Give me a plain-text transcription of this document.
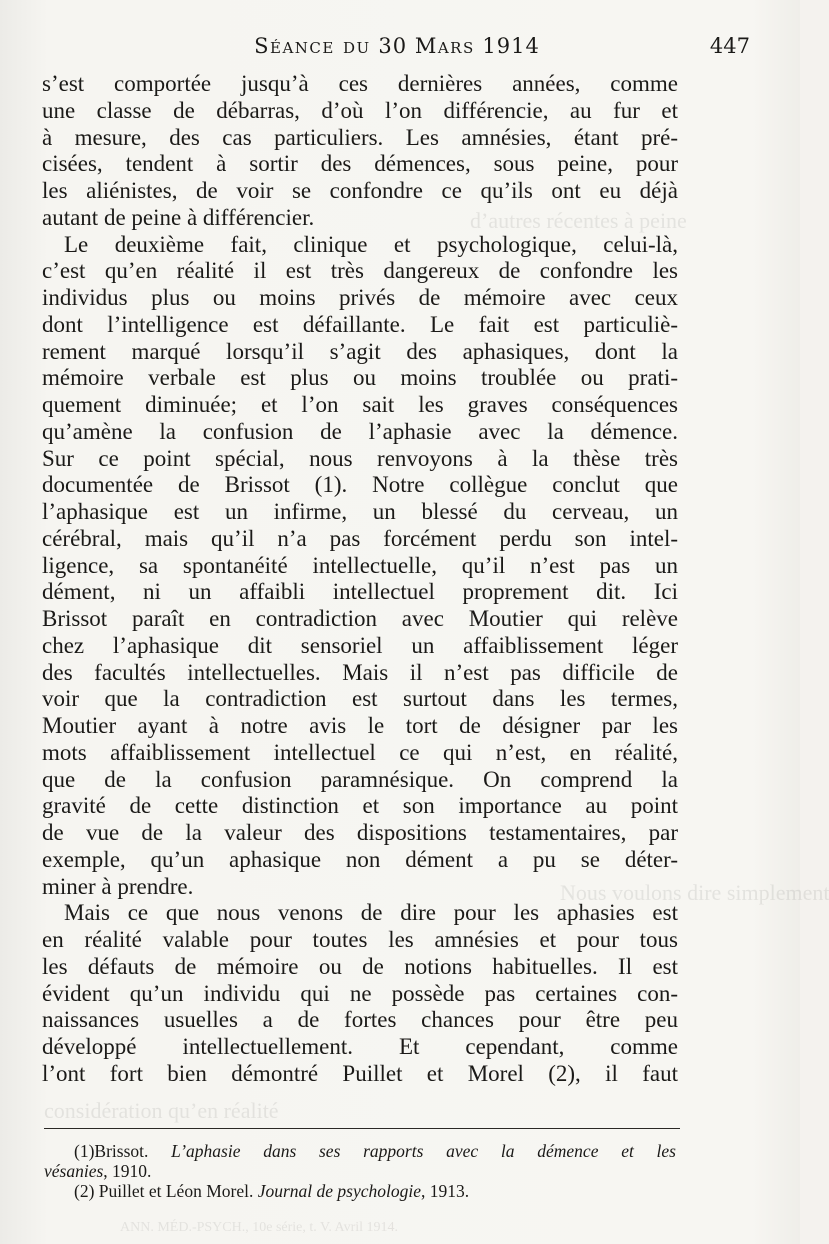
d’autres récentes à peine
Nous voulons dire simplement
considération qu’en réalité
ANN. MÉD.-PSYCH., 10e série, t. V. Avril 1914.
Séance du 30 Mars 1914	447
s’est comportée jusqu’à ces dernières années, comme
une classe de débarras, d’où l’on différencie, au fur et
à mesure, des cas particuliers. Les amnésies, étant pré-
cisées, tendent à sortir des démences, sous peine, pour
les aliénistes, de voir se confondre ce qu’ils ont eu déjà
autant de peine à différencier.
Le deuxième fait, clinique et psychologique, celui-là,
c’est qu’en réalité il est très dangereux de confondre les
individus plus ou moins privés de mémoire avec ceux
dont l’intelligence est défaillante. Le fait est particuliè-
rement marqué lorsqu’il s’agit des aphasiques, dont la
mémoire verbale est plus ou moins troublée ou prati-
quement diminuée; et l’on sait les graves conséquences
qu’amène la confusion de l’aphasie avec la démence.
Sur ce point spécial, nous renvoyons à la thèse très
documentée de Brissot (1). Notre collègue conclut que
l’aphasique est un infirme, un blessé du cerveau, un
cérébral, mais qu’il n’a pas forcément perdu son intel-
ligence, sa spontanéité intellectuelle, qu’il n’est pas un
dément, ni un affaibli intellectuel proprement dit. Ici
Brissot paraît en contradiction avec Moutier qui relève
chez l’aphasique dit sensoriel un affaiblissement léger
des facultés intellectuelles. Mais il n’est pas difficile de
voir que la contradiction est surtout dans les termes,
Moutier ayant à notre avis le tort de désigner par les
mots affaiblissement intellectuel ce qui n’est, en réalité,
que de la confusion paramnésique. On comprend la
gravité de cette distinction et son importance au point
de vue de la valeur des dispositions testamentaires, par
exemple, qu’un aphasique non dément a pu se déter-
miner à prendre.
Mais ce que nous venons de dire pour les aphasies est
en réalité valable pour toutes les amnésies et pour tous
les défauts de mémoire ou de notions habituelles. Il est
évident qu’un individu qui ne possède pas certaines con-
naissances usuelles a de fortes chances pour être peu
développé intellectuellement. Et cependant, comme
l’ont fort bien démontré Puillet et Morel (2), il faut
(1)Brissot. L’aphasie dans ses rapports avec la démence et les
vésanies, 1910.
(2) Puillet et Léon Morel. Journal de psychologie, 1913.
